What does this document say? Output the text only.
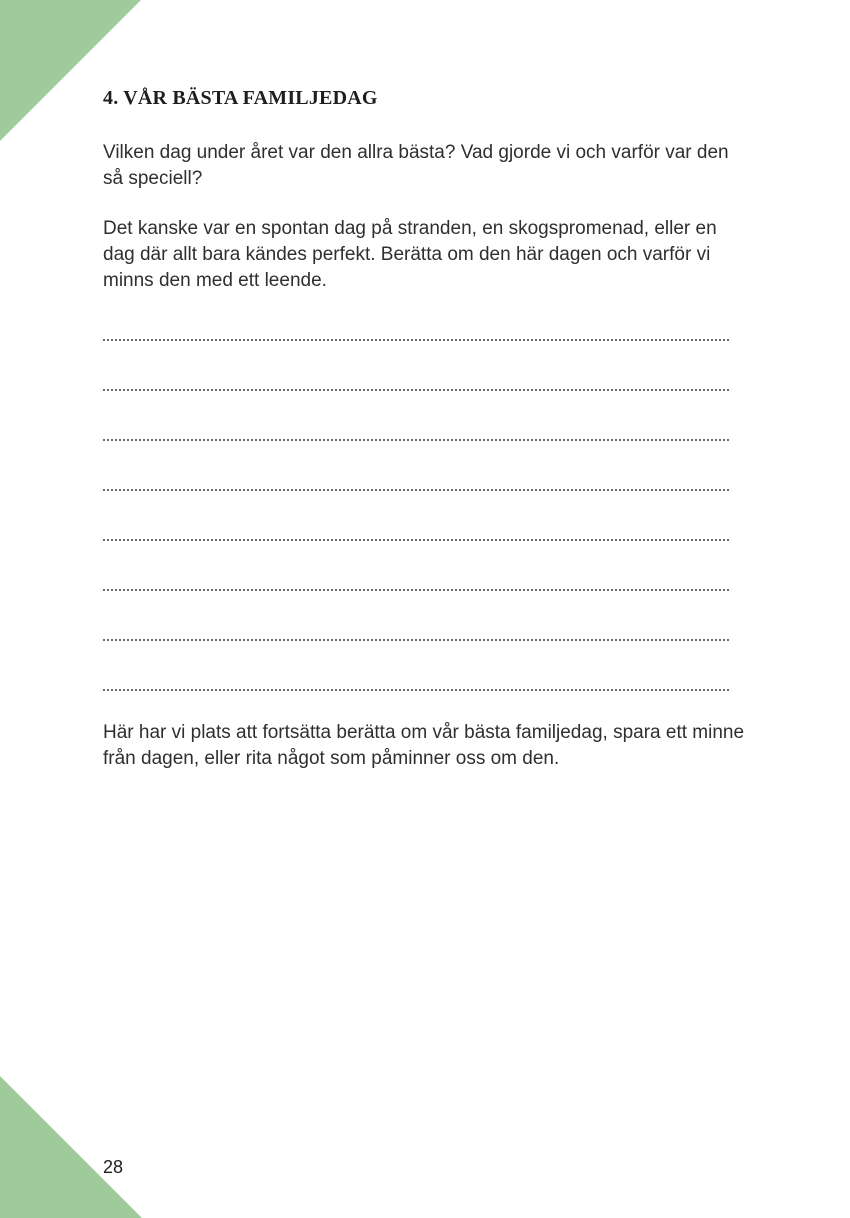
4. VÅR BÄSTA FAMILJEDAG

Vilken dag under året var den allra bästa? Vad gjorde vi och varför var den så speciell?

Det kanske var en spontan dag på stranden, en skogspromenad, eller en dag där allt bara kändes perfekt. Berätta om den här dagen och varför vi minns den med ett leende.

Här har vi plats att fortsätta berätta om vår bästa familjedag, spara ett minne från dagen, eller rita något som påminner oss om den.

28
